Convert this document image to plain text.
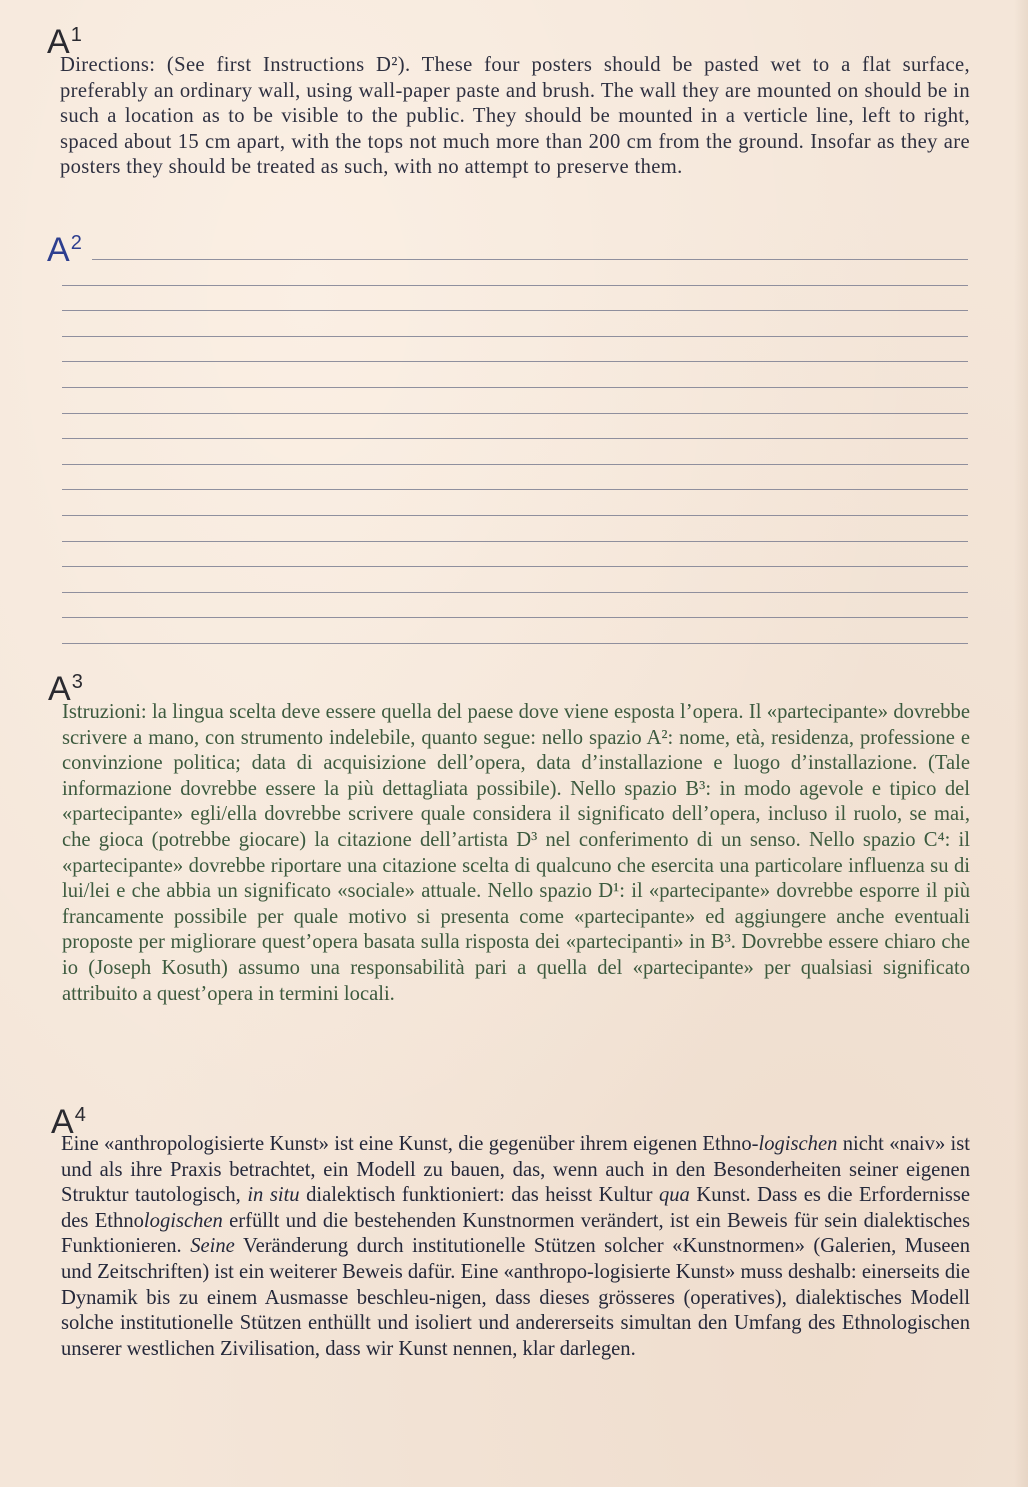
$A^1$

Directions: (See first Instructions D²). These four posters should be pasted wet to a flat surface, preferably an ordinary wall, using wall-paper paste and brush. The wall they are mounted on should be in such a location as to be visible to the public. They should be mounted in a verticle line, left to right, spaced about 15 cm apart, with the tops not much more than 200 cm from the ground. Insofar as they are posters they should be treated as such, with no attempt to preserve them.

$A^2$
$A^3$

Istruzioni: la lingua scelta deve essere quella del paese dove viene esposta l’opera. Il «partecipante» dovrebbe scrivere a mano, con strumento indelebile, quanto segue: nello spazio A²: nome, età, residenza, professione e convinzione politica; data di acquisizione dell’opera, data d’installazione e luogo d’installazione. (Tale informazione dovrebbe essere la più dettagliata possibile). Nello spazio B³: in modo agevole e tipico del «partecipante» egli/ella dovrebbe scrivere quale considera il significato dell’opera, incluso il ruolo, se mai, che gioca (potrebbe giocare) la citazione dell’artista D³ nel conferimento di un senso. Nello spazio C⁴: il «partecipante» dovrebbe riportare una citazione scelta di qualcuno che esercita una particolare influenza su di lui/lei e che abbia un significato «sociale» attuale. Nello spazio D¹: il «partecipante» dovrebbe esporre il più francamente possibile per quale motivo si presenta come «partecipante» ed aggiungere anche eventuali proposte per migliorare quest’opera basata sulla risposta dei «partecipanti» in B³. Dovrebbe essere chiaro che io (Joseph Kosuth) assumo una responsabilità pari a quella del «partecipante» per qualsiasi significato attribuito a quest’opera in termini locali.

$A^4$

Eine «anthropologisierte Kunst» ist eine Kunst, die gegenüber ihrem eigenen Ethno-logischen nicht «naiv» ist und als ihre Praxis betrachtet, ein Modell zu bauen, das, wenn auch in den Besonderheiten seiner eigenen Struktur tautologisch, in situ dialektisch funktioniert: das heisst Kultur qua Kunst. Dass es die Erfordernisse des Ethnologischen erfüllt und die bestehenden Kunstnormen verändert, ist ein Beweis für sein dialektisches Funktionieren. Seine Veränderung durch institutionelle Stützen solcher «Kunstnormen» (Galerien, Museen und Zeitschriften) ist ein weiterer Beweis dafür. Eine «anthropo-logisierte Kunst» muss deshalb: einerseits die Dynamik bis zu einem Ausmasse beschleu-nigen, dass dieses grösseres (operatives), dialektisches Modell solche institutionelle Stützen enthüllt und isoliert und andererseits simultan den Umfang des Ethnologischen unserer westlichen Zivilisation, dass wir Kunst nennen, klar darlegen.
